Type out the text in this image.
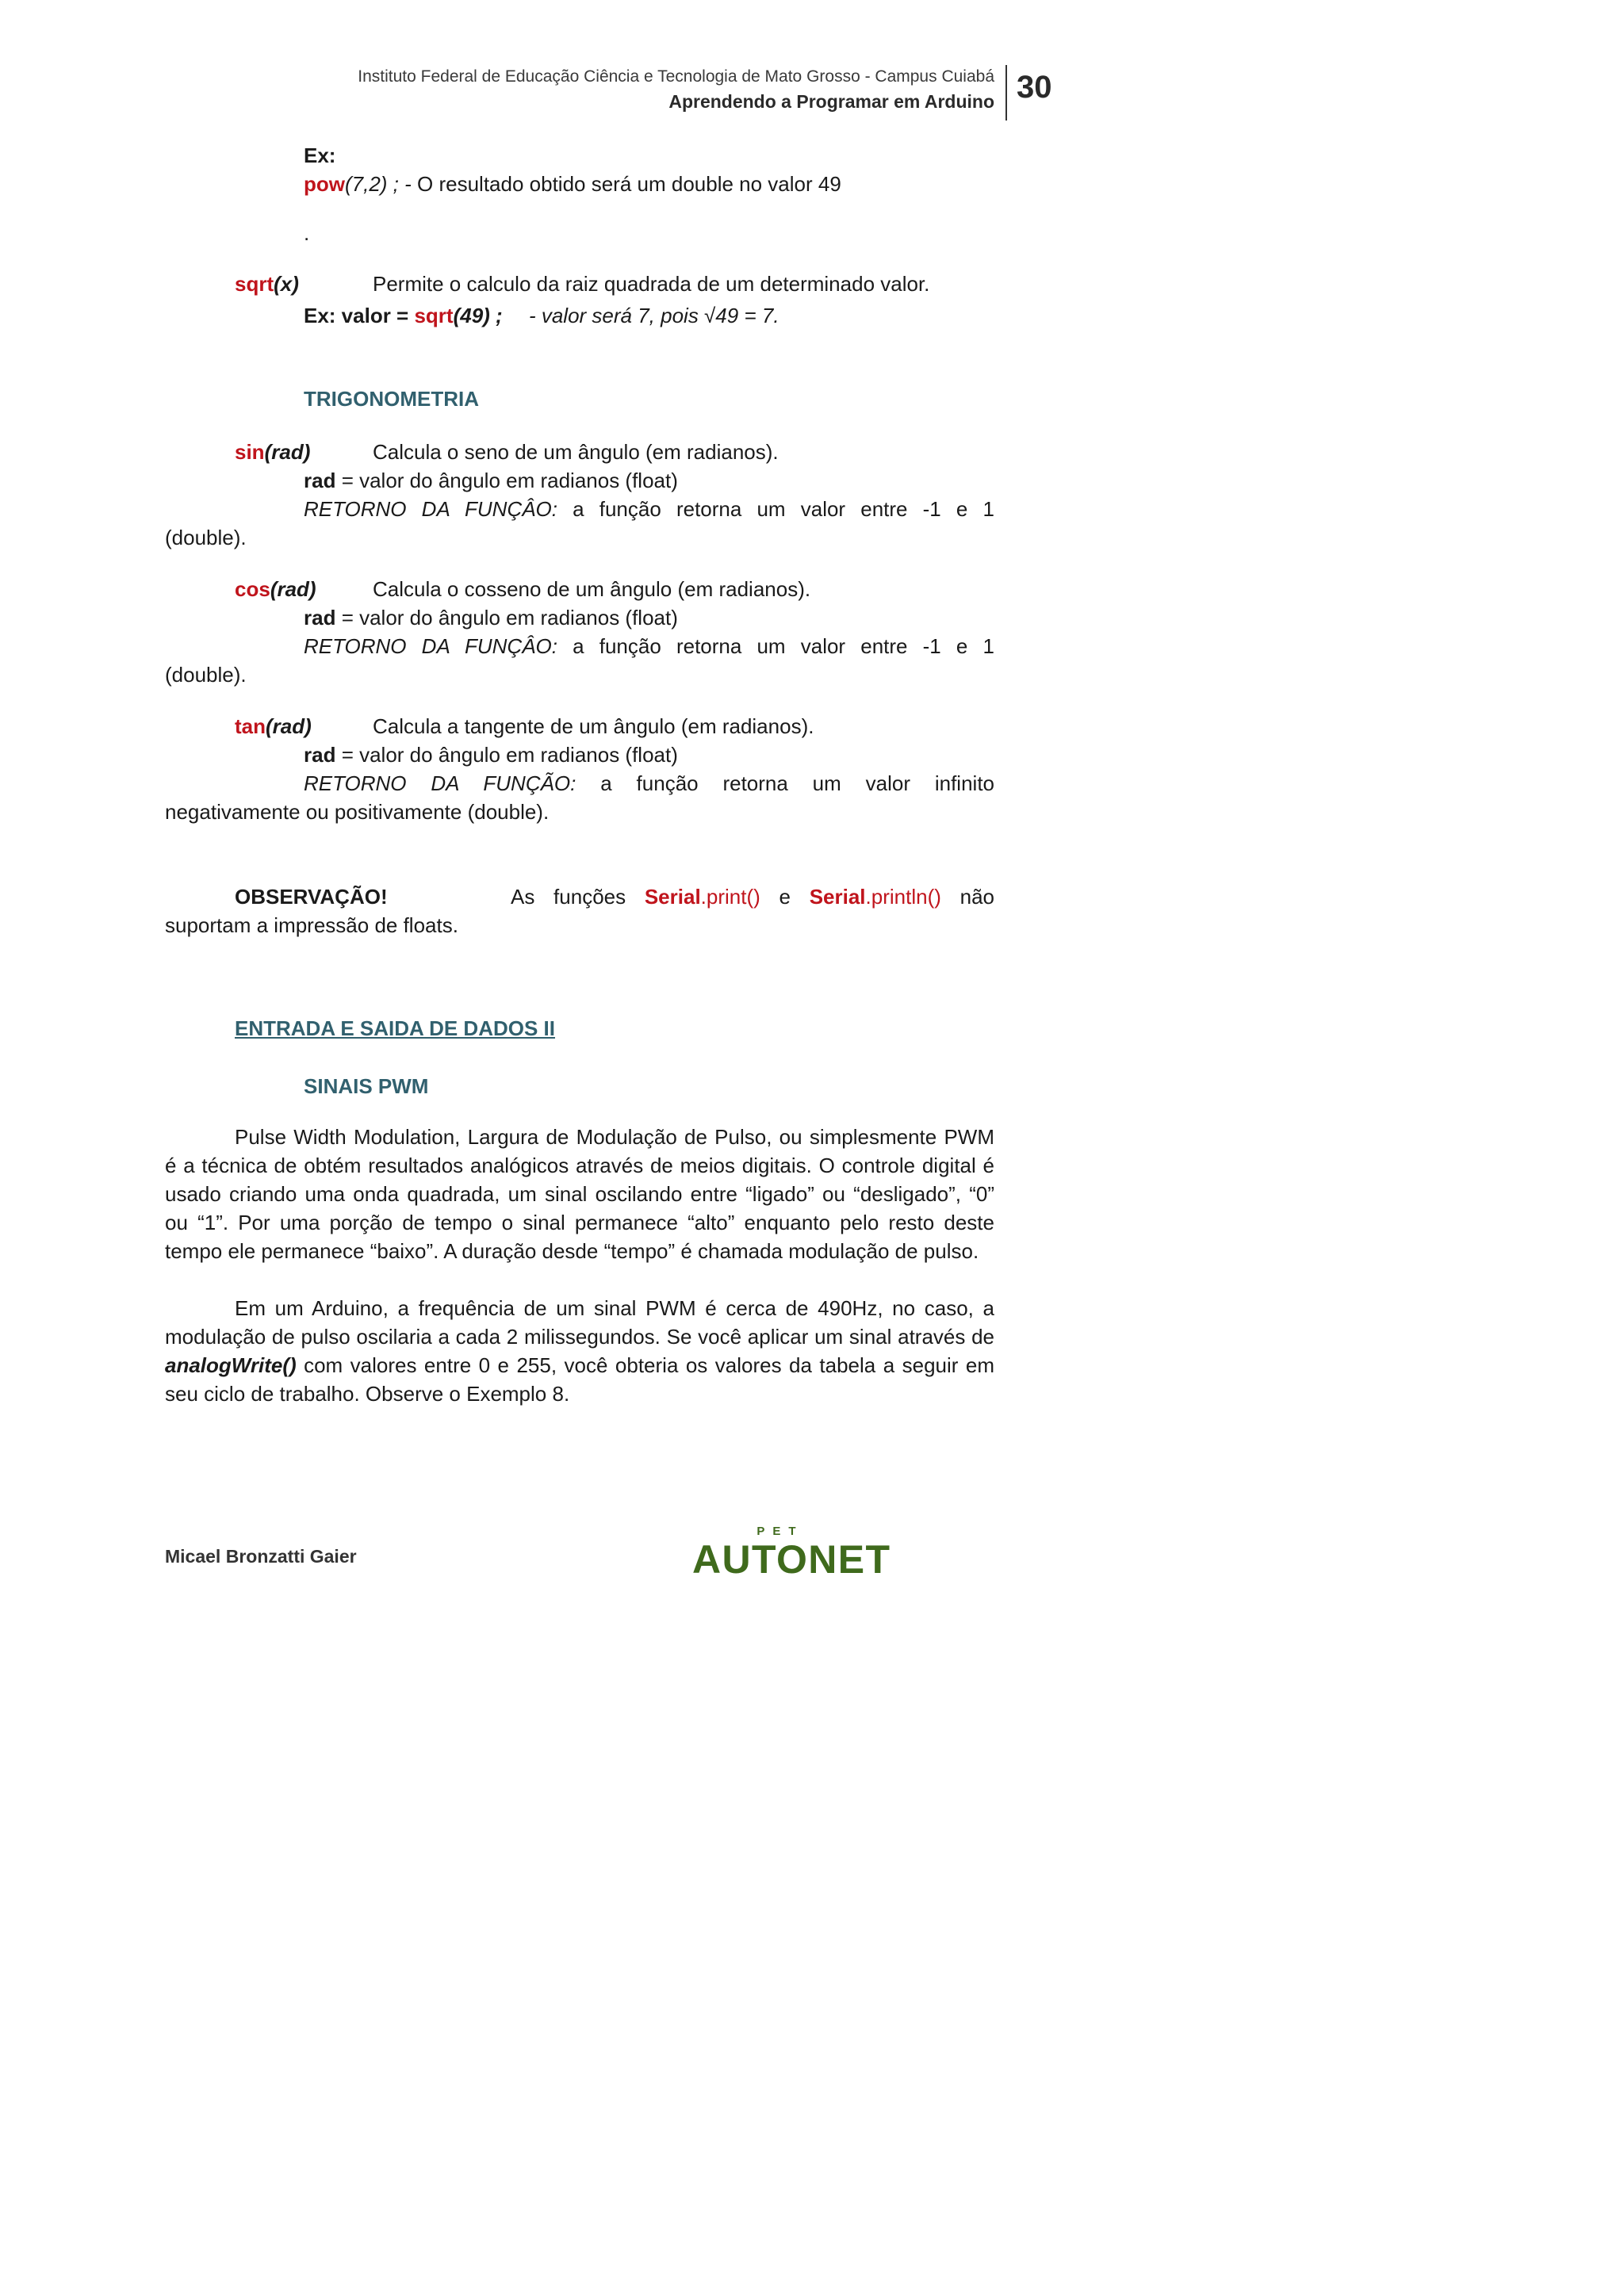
Instituto Federal de Educação Ciência e Tecnologia de Mato Grosso - Campus Cuiabá
Aprendendo a Programar em Arduino 30
Ex:
pow(7,2) ; - O resultado obtido será um double no valor 49
.
sqrt(x)	Permite o calculo da raiz quadrada de um determinado valor.
Ex: valor = sqrt(49) ; - valor será 7, pois √49 = 7.
TRIGONOMETRIA
sin(rad)	Calcula o seno de um ângulo (em radianos).
rad = valor do ângulo em radianos (float)
RETORNO DA FUNÇÂO: a função retorna um valor entre -1 e 1
(double).
cos(rad)	Calcula o cosseno de um ângulo (em radianos).
rad = valor do ângulo em radianos (float)
RETORNO DA FUNÇÂO: a função retorna um valor entre -1 e 1
(double).
tan(rad)	Calcula a tangente de um ângulo (em radianos).
rad = valor do ângulo em radianos (float)
RETORNO DA FUNÇÃO: a função retorna um valor infinito
negativamente ou positivamente (double).
OBSERVAÇÃO!	As funções Serial.print() e Serial.println() não
suportam a impressão de floats.
ENTRADA E SAIDA DE DADOS II
SINAIS PWM
Pulse Width Modulation, Largura de Modulação de Pulso, ou simplesmente PWM é a técnica de obtém resultados analógicos através de meios digitais. O controle digital é usado criando uma onda quadrada, um sinal oscilando entre “ligado” ou “desligado”, “0” ou “1”. Por uma porção de tempo o sinal permanece “alto” enquanto pelo resto deste tempo ele permanece “baixo”. A duração desde “tempo” é chamada modulação de pulso.
Em um Arduino, a frequência de um sinal PWM é cerca de 490Hz, no caso, a modulação de pulso oscilaria a cada 2 milissegundos. Se você aplicar um sinal através de analogWrite() com valores entre 0 e 255, você obteria os valores da tabela a seguir em seu ciclo de trabalho. Observe o Exemplo 8.
Micael Bronzatti Gaier
PET
AUTONET
